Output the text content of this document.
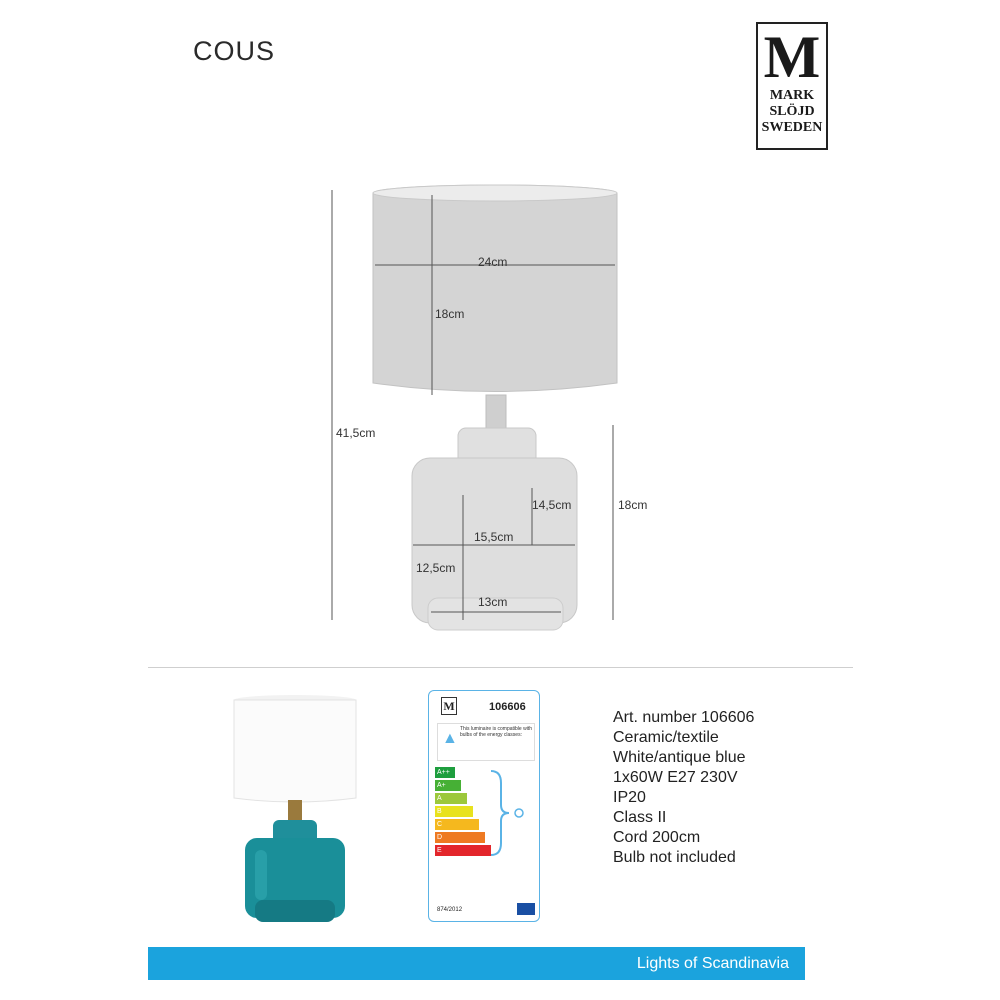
COUS	M
MARK
SLÖJD
SWEDEN
24cm
18cm
41,5cm
18cm
14,5cm
15,5cm
12,5cm
13cm
M	106606
▲
This luminaire is compatible with bulbs of the energy classes:
A++
A+
A
B
C
D
E
874/2012
Art. number 106606
Ceramic/textile
White/antique blue
1x60W E27 230V
IP20
Class II
Cord 200cm
Bulb not included
Lights of Scandinavia
